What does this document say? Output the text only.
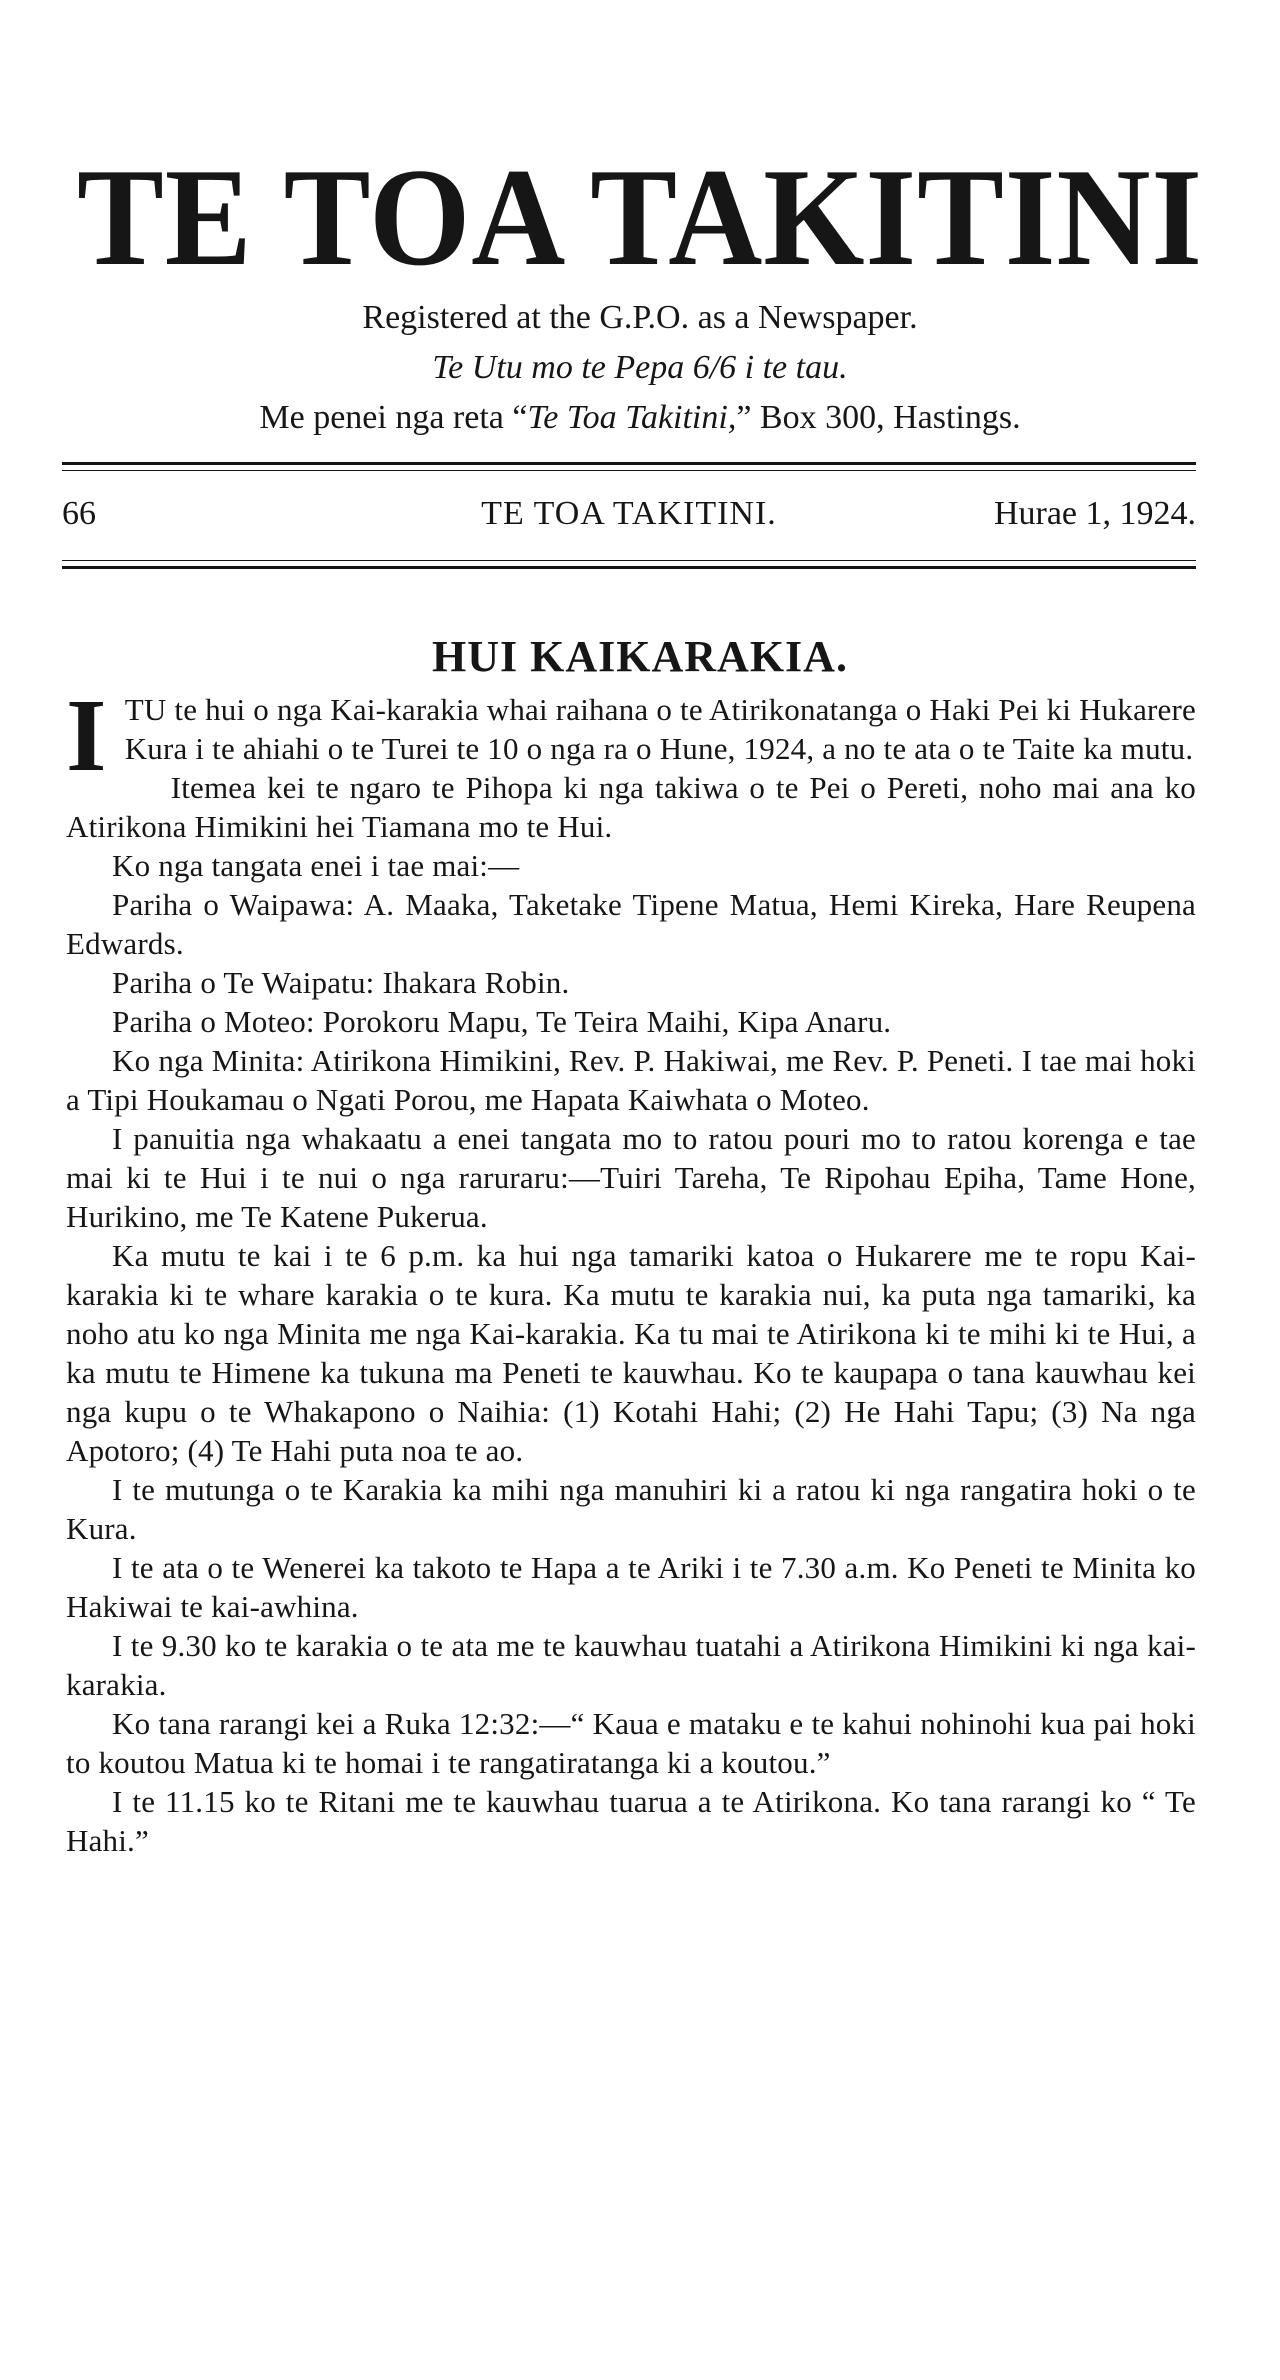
TE TOA TAKITINI
Registered at the G.P.O. as a Newspaper.
Te Utu mo te Pepa 6/6 i te tau.
Me penei nga reta “Te Toa Takitini,” Box 300, Hastings.
66	TE TOA TAKITINI.	Hurae 1, 1924.
HUI KAIKARAKIA.

ITU te hui o nga Kai-karakia whai raihana o te Atirikonatanga o Haki Pei ki Hukarere Kura i te ahiahi o te Turei te 10 o nga ra o Hune, 1924, a no te ata o te Taite ka mutu.

Itemea kei te ngaro te Pihopa ki nga takiwa o te Pei o Pereti, noho mai ana ko Atirikona Himikini hei Tiamana mo te Hui.

Ko nga tangata enei i tae mai:—

Pariha o Waipawa: A. Maaka, Taketake Tipene Matua, Hemi Kireka, Hare Reupena Edwards.

Pariha o Te Waipatu: Ihakara Robin.

Pariha o Moteo: Porokoru Mapu, Te Teira Maihi, Kipa Anaru.

Ko nga Minita: Atirikona Himikini, Rev. P. Hakiwai, me Rev. P. Peneti. I tae mai hoki a Tipi Houkamau o Ngati Porou, me Hapata Kaiwhata o Moteo.

I panuitia nga whakaatu a enei tangata mo to ratou pouri mo to ratou korenga e tae mai ki te Hui i te nui o nga raruraru:—Tuiri Tareha, Te Ripohau Epiha, Tame Hone, Hurikino, me Te Katene Pukerua.

Ka mutu te kai i te 6 p.m. ka hui nga tamariki katoa o Hukarere me te ropu Kai-karakia ki te whare karakia o te kura. Ka mutu te karakia nui, ka puta nga tamariki, ka noho atu ko nga Minita me nga Kai-karakia. Ka tu mai te Atirikona ki te mihi ki te Hui, a ka mutu te Himene ka tukuna ma Peneti te kauwhau. Ko te kaupapa o tana kauwhau kei nga kupu o te Whakapono o Naihia: (1) Kotahi Hahi; (2) He Hahi Tapu; (3) Na nga Apotoro; (4) Te Hahi puta noa te ao.

I te mutunga o te Karakia ka mihi nga manuhiri ki a ratou ki nga rangatira hoki o te Kura.

I te ata o te Wenerei ka takoto te Hapa a te Ariki i te 7.30 a.m. Ko Peneti te Minita ko Hakiwai te kai-awhina.

I te 9.30 ko te karakia o te ata me te kauwhau tuatahi a Atirikona Himikini ki nga kai-karakia.

Ko tana rarangi kei a Ruka 12:32:—“ Kaua e mataku e te kahui nohinohi kua pai hoki to koutou Matua ki te homai i te rangatiratanga ki a koutou.”

I te 11.15 ko te Ritani me te kauwhau tuarua a te Atirikona. Ko tana rarangi ko “ Te Hahi.”
